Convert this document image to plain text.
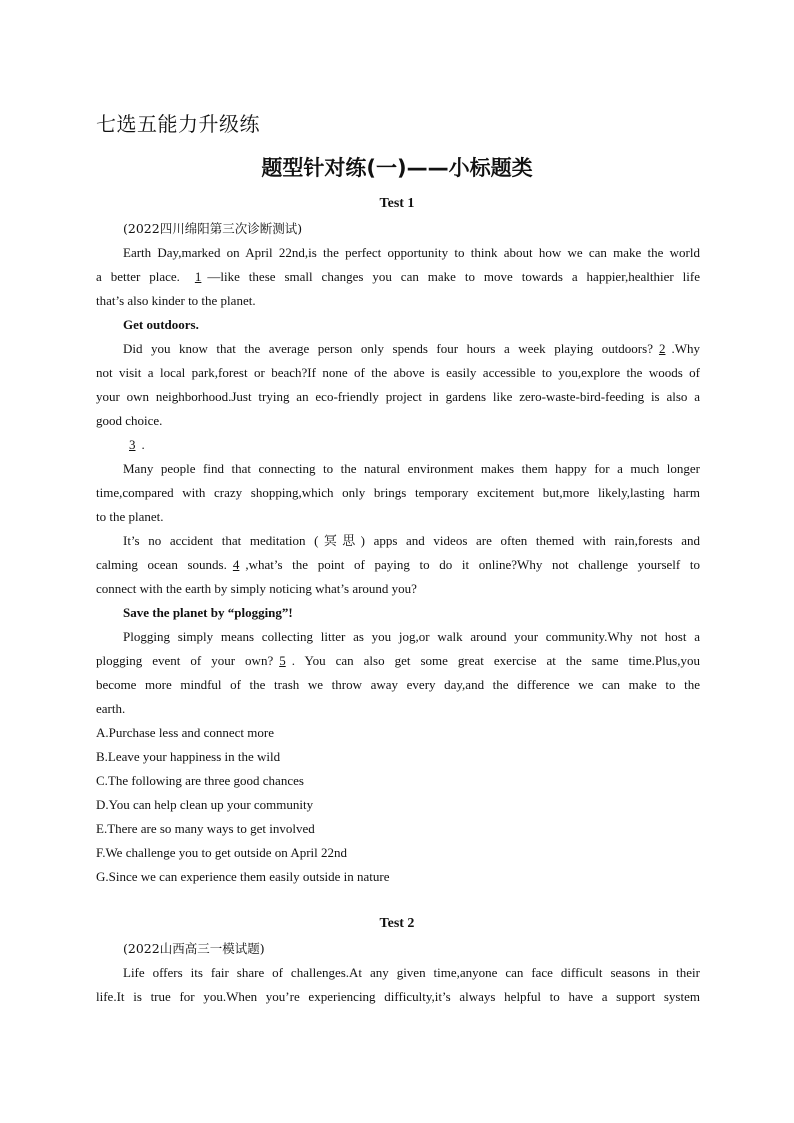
七选五能力升级练
题型针对练(一)——小标题类
Test 1
(2022四川绵阳第三次诊断测试)
Earth Day,marked on April 22nd,is the perfect opportunity to think about how we can make the world
a better place. 1 —like these small changes you can make to move towards a happier,healthier life
that’s also kinder to the planet.
Get outdoors.
Did you know that the average person only spends four hours a week playing outdoors? 2 .Why
not visit a local park,forest or beach?If none of the above is easily accessible to you,explore the woods of
your own neighborhood.Just trying an eco-friendly project in gardens like zero-waste-bird-feeding is also a
good choice.
3 .
Many people find that connecting to the natural environment makes them happy for a much longer
time,compared with crazy shopping,which only brings temporary excitement but,more likely,lasting harm
to the planet.
It’s no accident that meditation (冥思) apps and videos are often themed with rain,forests and
calming ocean sounds. 4 ,what’s the point of paying to do it online?Why not challenge yourself to
connect with the earth by simply noticing what’s around you?
Save the planet by “plogging”!
Plogging simply means collecting litter as you jog,or walk around your community.Why not host a
plogging event of your own? 5 . You can also get some great exercise at the same time.Plus,you
become more mindful of the trash we throw away every day,and the difference we can make to the
earth.
A.Purchase less and connect more
B.Leave your happiness in the wild
C.The following are three good chances
D.You can help clean up your community
E.There are so many ways to get involved
F.We challenge you to get outside on April 22nd
G.Since we can experience them easily outside in nature
Test 2
(2022山西高三一模试题)
Life offers its fair share of challenges.At any given time,anyone can face difficult seasons in their
life.It is true for you.When you’re experiencing difficulty,it’s always helpful to have a support system
